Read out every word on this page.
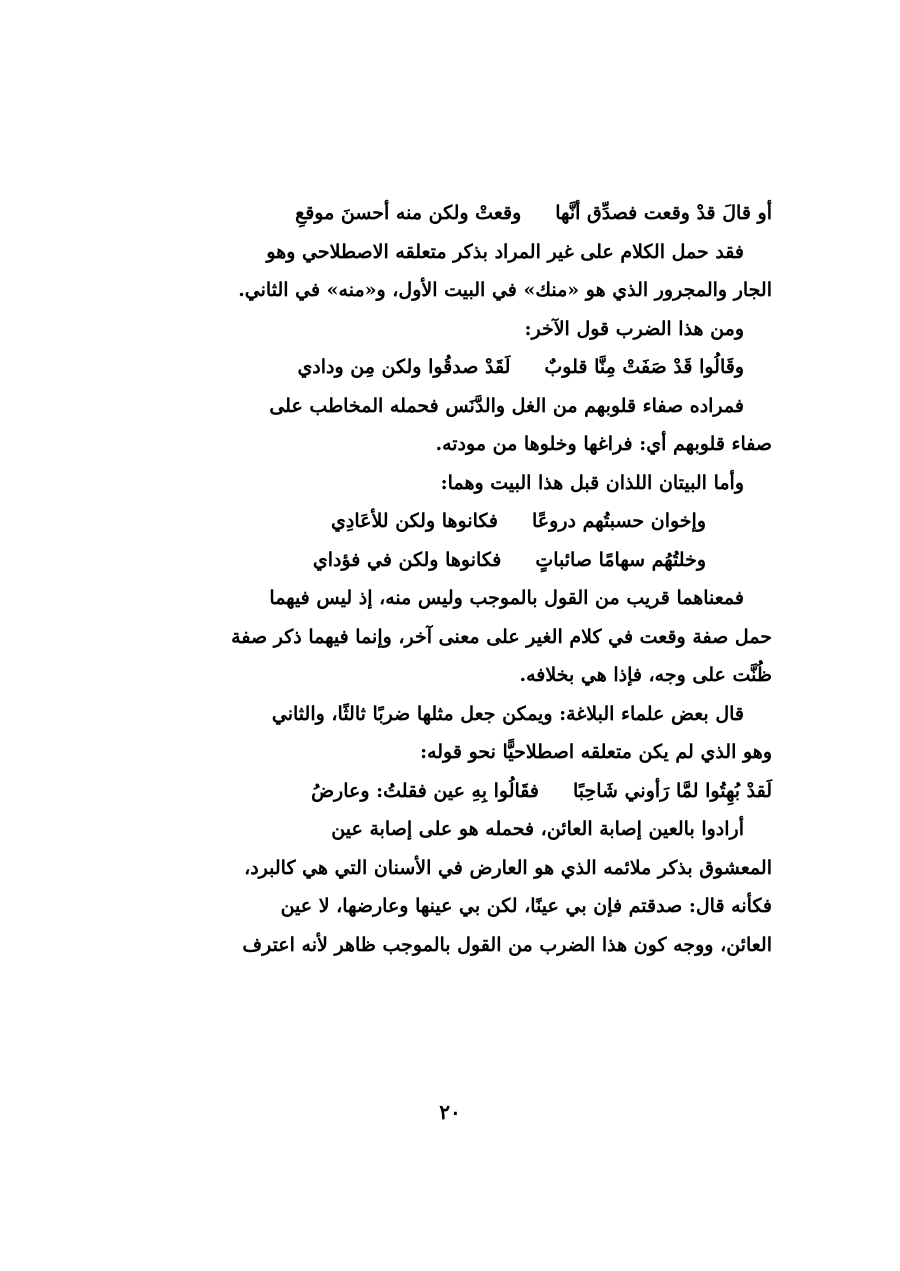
أو قالَ قدْ وقعت فصدِّق أنَّها
وقعتْ ولكن منه أحسنَ موقعِ
فقد حمل الكلام على غير المراد بذكر متعلقه الاصطلاحي وهو
الجار والمجرور الذي هو «منك» في البيت الأول، و«منه» في الثاني.
ومن هذا الضرب قول الآخر:
وقَالُوا قَدْ صَفَتْ مِنَّا قلوبٌ
لَقَدْ صدقُوا ولكن مِن ودادي
فمراده صفاء قلوبهم من الغل والدَّنَس فحمله المخاطب على
صفاء قلوبهم أي: فراغها وخلوها من مودته.
وأما البيتان اللذان قبل هذا البيت وهما:
وإخوان حسبتُهم دروعًا
فكانوها ولكن للأعَادِي
وخلتُهُم سهامًا صائباتٍ
فكانوها ولكن في فؤداي
فمعناهما قريب من القول بالموجب وليس منه، إذ ليس فيهما
حمل صفة وقعت في كلام الغير على معنى آخر، وإنما فيهما ذكر صفة
ظُنَّت على وجه، فإذا هي بخلافه.
قال بعض علماء البلاغة: ويمكن جعل مثلها ضربًا ثالثًا، والثاني
وهو الذي لم يكن متعلقه اصطلاحيًّا نحو قوله:
لَقدْ بُهِتُوا لمَّا رَأوني شَاحِبًا
فقَالُوا بِهِ عين فقلتُ: وعارضُ
أرادوا بالعين إصابة العائن، فحمله هو على إصابة عين
المعشوق بذكر ملائمه الذي هو العارض في الأسنان التي هي كالبرد،
فكأنه قال: صدقتم فإن بي عينًا، لكن بي عينها وعارضها، لا عين
العائن، ووجه كون هذا الضرب من القول بالموجب ظاهر لأنه اعترف
٢٠
